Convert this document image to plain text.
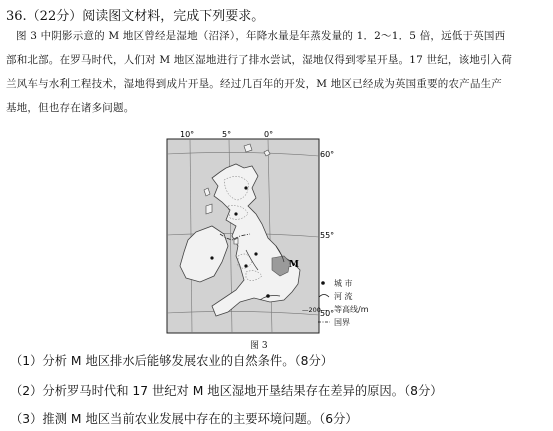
36.（22分）阅读图文材料，完成下列要求。
图 3 中阴影示意的 M 地区曾经是湿地（沼泽），年降水量是年蒸发量的 1．2～1．5 倍，远低于英国西
部和北部。在罗马时代，人们对 M 地区湿地进行了排水尝试，湿地仅得到零星开垦。17 世纪，该地引入荷
兰风车与水利工程技术，湿地得到成片开垦。经过几百年的开发，M 地区已经成为英国重要的农产品生产
基地，但也存在诸多问题。
10°	5°	0°
60°
55°
50°
M
城 市
河 流
—200— 等高线/m
国界
图 3
（1）分析 M 地区排水后能够发展农业的自然条件。（8分）
（2）分析罗马时代和 17 世纪对 M 地区湿地开垦结果存在差异的原因。（8分）
（3）推测 M 地区当前农业发展中存在的主要环境问题。（6分）
